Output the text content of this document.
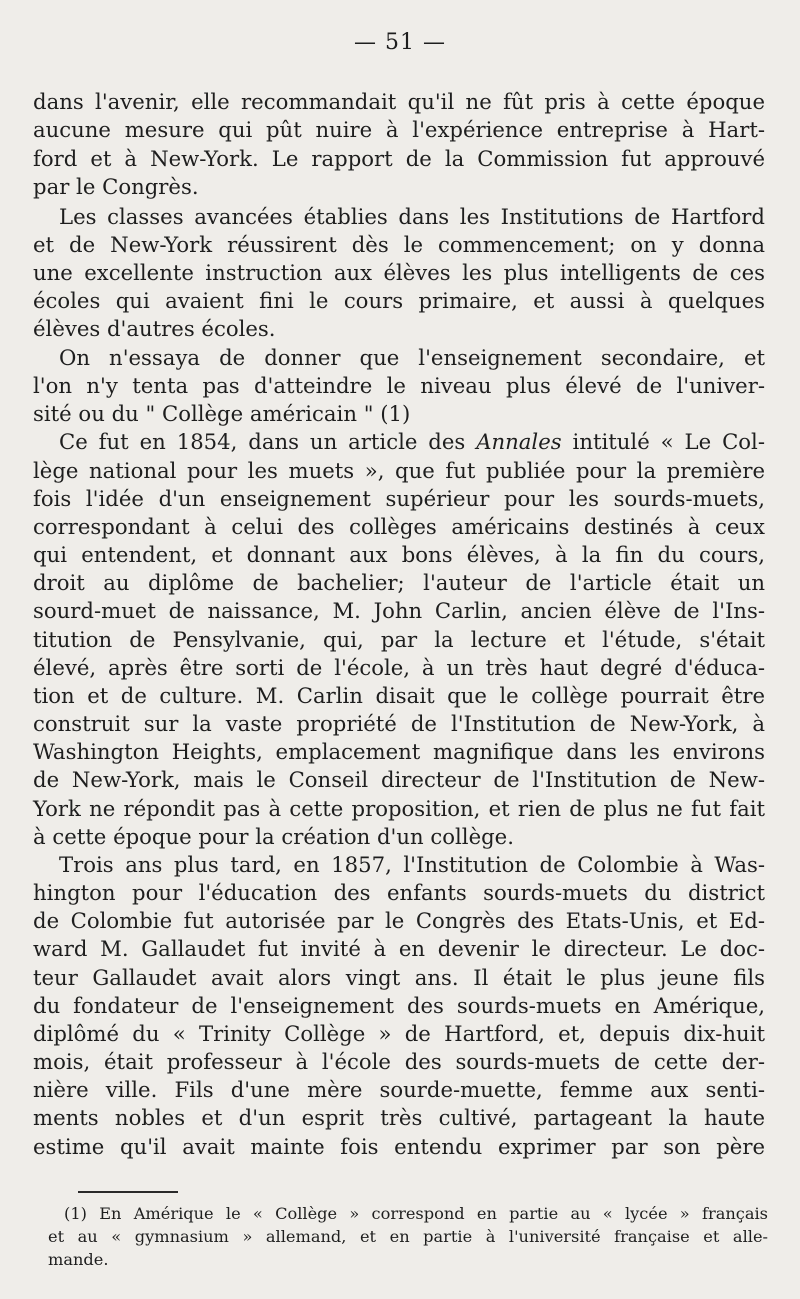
— 51 —
dans l'avenir, elle recommandait qu'il ne fût pris à cette époque
aucune mesure qui pût nuire à l'expérience entreprise à Hart-
ford et à New-York. Le rapport de la Commission fut approuvé
par le Congrès.
Les classes avancées établies dans les Institutions de Hartford
et de New-York réussirent dès le commencement; on y donna
une excellente instruction aux élèves les plus intelligents de ces
écoles qui avaient fini le cours primaire, et aussi à quelques
élèves d'autres écoles.
On n'essaya de donner que l'enseignement secondaire, et
l'on n'y tenta pas d'atteindre le niveau plus élevé de l'univer-
sité ou du " Collège américain " (1)
Ce fut en 1854, dans un article des Annales intitulé « Le Col-
lège national pour les muets », que fut publiée pour la première
fois l'idée d'un enseignement supérieur pour les sourds-muets,
correspondant à celui des collèges américains destinés à ceux
qui entendent, et donnant aux bons élèves, à la fin du cours,
droit au diplôme de bachelier; l'auteur de l'article était un
sourd-muet de naissance, M. John Carlin, ancien élève de l'Ins-
titution de Pensylvanie, qui, par la lecture et l'étude, s'était
élevé, après être sorti de l'école, à un très haut degré d'éduca-
tion et de culture. M. Carlin disait que le collège pourrait être
construit sur la vaste propriété de l'Institution de New-York, à
Washington Heights, emplacement magnifique dans les environs
de New-York, mais le Conseil directeur de l'Institution de New-
York ne répondit pas à cette proposition, et rien de plus ne fut fait
à cette époque pour la création d'un collège.
Trois ans plus tard, en 1857, l'Institution de Colombie à Was-
hington pour l'éducation des enfants sourds-muets du district
de Colombie fut autorisée par le Congrès des Etats-Unis, et Ed-
ward M. Gallaudet fut invité à en devenir le directeur. Le doc-
teur Gallaudet avait alors vingt ans. Il était le plus jeune fils
du fondateur de l'enseignement des sourds-muets en Amérique,
diplômé du « Trinity Collège » de Hartford, et, depuis dix-huit
mois, était professeur à l'école des sourds-muets de cette der-
nière ville. Fils d'une mère sourde-muette, femme aux senti-
ments nobles et d'un esprit très cultivé, partageant la haute
estime qu'il avait mainte fois entendu exprimer par son père
(1) En Amérique le « Collège » correspond en partie au « lycée » français
et au « gymnasium » allemand, et en partie à l'université française et alle-
mande.
